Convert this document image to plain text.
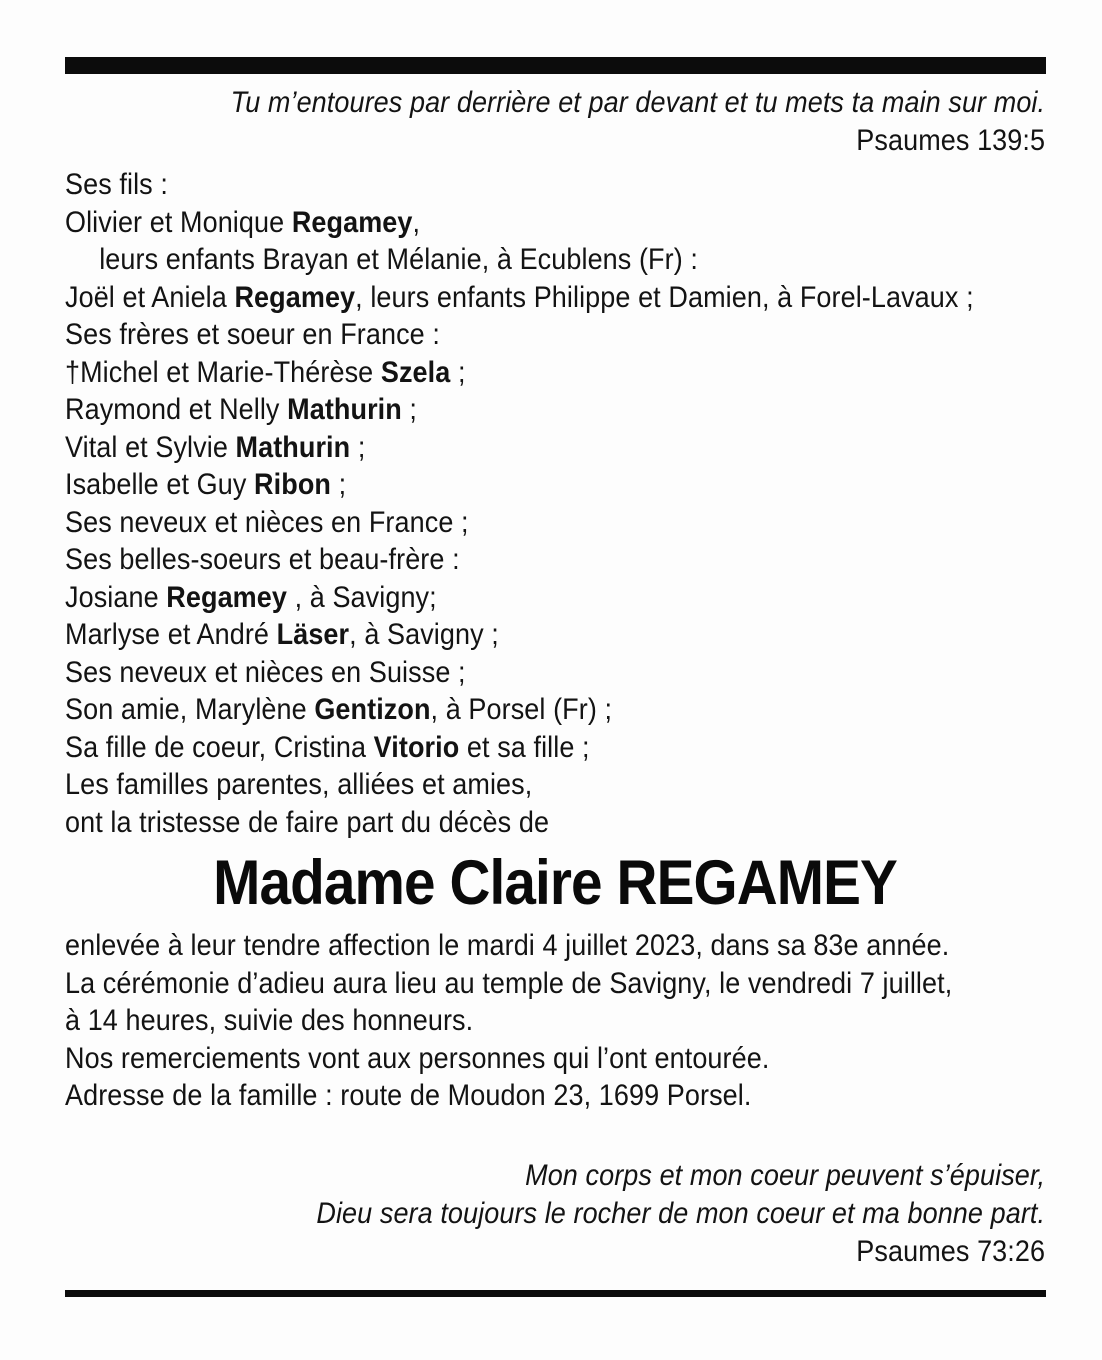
Tu m’entoures par derrière et par devant et tu mets ta main sur moi.
Psaumes 139:5
Ses fils :
Olivier et Monique Regamey,
leurs enfants Brayan et Mélanie, à Ecublens (Fr) :
Joël et Aniela Regamey, leurs enfants Philippe et Damien, à Forel-Lavaux ;
Ses frères et soeur en France :
†Michel et Marie-Thérèse Szela ;
Raymond et Nelly Mathurin ;
Vital et Sylvie Mathurin ;
Isabelle et Guy Ribon ;
Ses neveux et nièces en France ;
Ses belles-soeurs et beau-frère :
Josiane Regamey , à Savigny;
Marlyse et André Läser, à Savigny ;
Ses neveux et nièces en Suisse ;
Son amie, Marylène Gentizon, à Porsel (Fr) ;
Sa fille de coeur, Cristina Vitorio et sa fille ;
Les familles parentes, alliées et amies,
ont la tristesse de faire part du décès de
Madame Claire REGAMEY
enlevée à leur tendre affection le mardi 4 juillet 2023, dans sa 83e année.
La cérémonie d’adieu aura lieu au temple de Savigny, le vendredi 7 juillet,
à 14 heures, suivie des honneurs.
Nos remerciements vont aux personnes qui l’ont entourée.
Adresse de la famille : route de Moudon 23, 1699 Porsel.
Mon corps et mon coeur peuvent s’épuiser,
Dieu sera toujours le rocher de mon coeur et ma bonne part.
Psaumes 73:26
